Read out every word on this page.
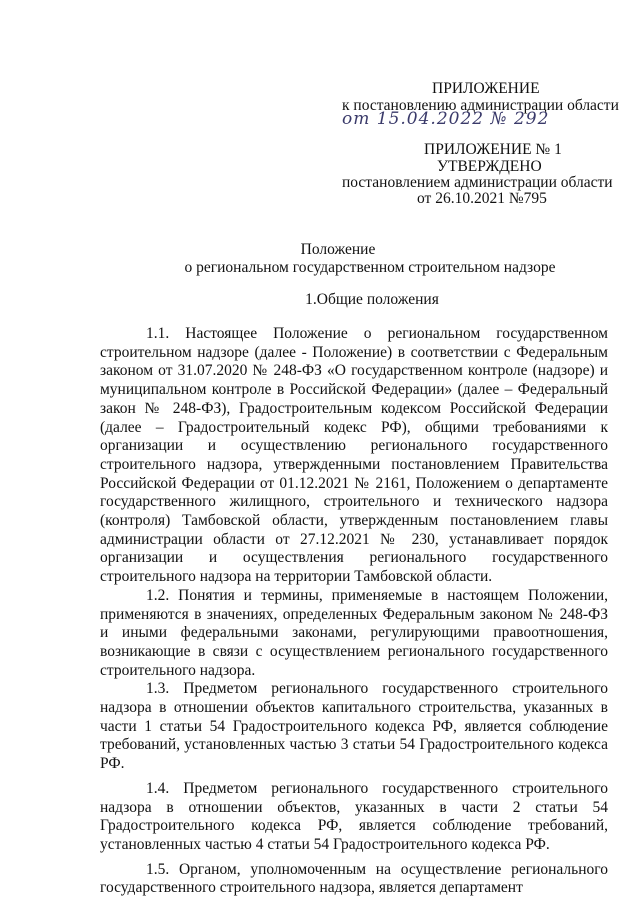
ПРИЛОЖЕНИЕ
к постановлению администрации области
от 15.04.2022 № 292
ПРИЛОЖЕНИЕ № 1
УТВЕРЖДЕНО
постановлением администрации области
от 26.10.2021 №795
Положение
о региональном государственном строительном надзоре
1.Общие положения

1.1. Настоящее Положение о региональном государственном строительном надзоре (далее - Положение) в соответствии с Федеральным законом от 31.07.2020 № 248-ФЗ «О государственном контроле (надзоре) и муниципальном контроле в Российской Федерации» (далее – Федеральный закон № 248-ФЗ), Градостроительным кодексом Российской Федерации (далее – Градостроительный кодекс РФ), общими требованиями к организации и осуществлению регионального государственного строительного надзора, утвержденными постановлением Правительства Российской Федерации от 01.12.2021 № 2161, Положением о департаменте государственного жилищного, строительного и технического надзора (контроля) Тамбовской области, утвержденным постановлением главы администрации области от 27.12.2021 № 230, устанавливает порядок организации и осуществления регионального государственного строительного надзора на территории Тамбовской области.

1.2. Понятия и термины, применяемые в настоящем Положении, применяются в значениях, определенных Федеральным законом № 248-ФЗ и иными федеральными законами, регулирующими правоотношения, возникающие в связи с осуществлением регионального государственного строительного надзора.

1.3. Предметом регионального государственного строительного надзора в отношении объектов капитального строительства, указанных в части 1 статьи 54 Градостроительного кодекса РФ, является соблюдение требований, установленных частью 3 статьи 54 Градостроительного кодекса РФ.

1.4. Предметом регионального государственного строительного надзора в отношении объектов, указанных в части 2 статьи 54 Градостроительного кодекса РФ, является соблюдение требований, установленных частью 4 статьи 54 Градостроительного кодекса РФ.

1.5. Органом, уполномоченным на осуществление регионального государственного строительного надзора, является департамент
